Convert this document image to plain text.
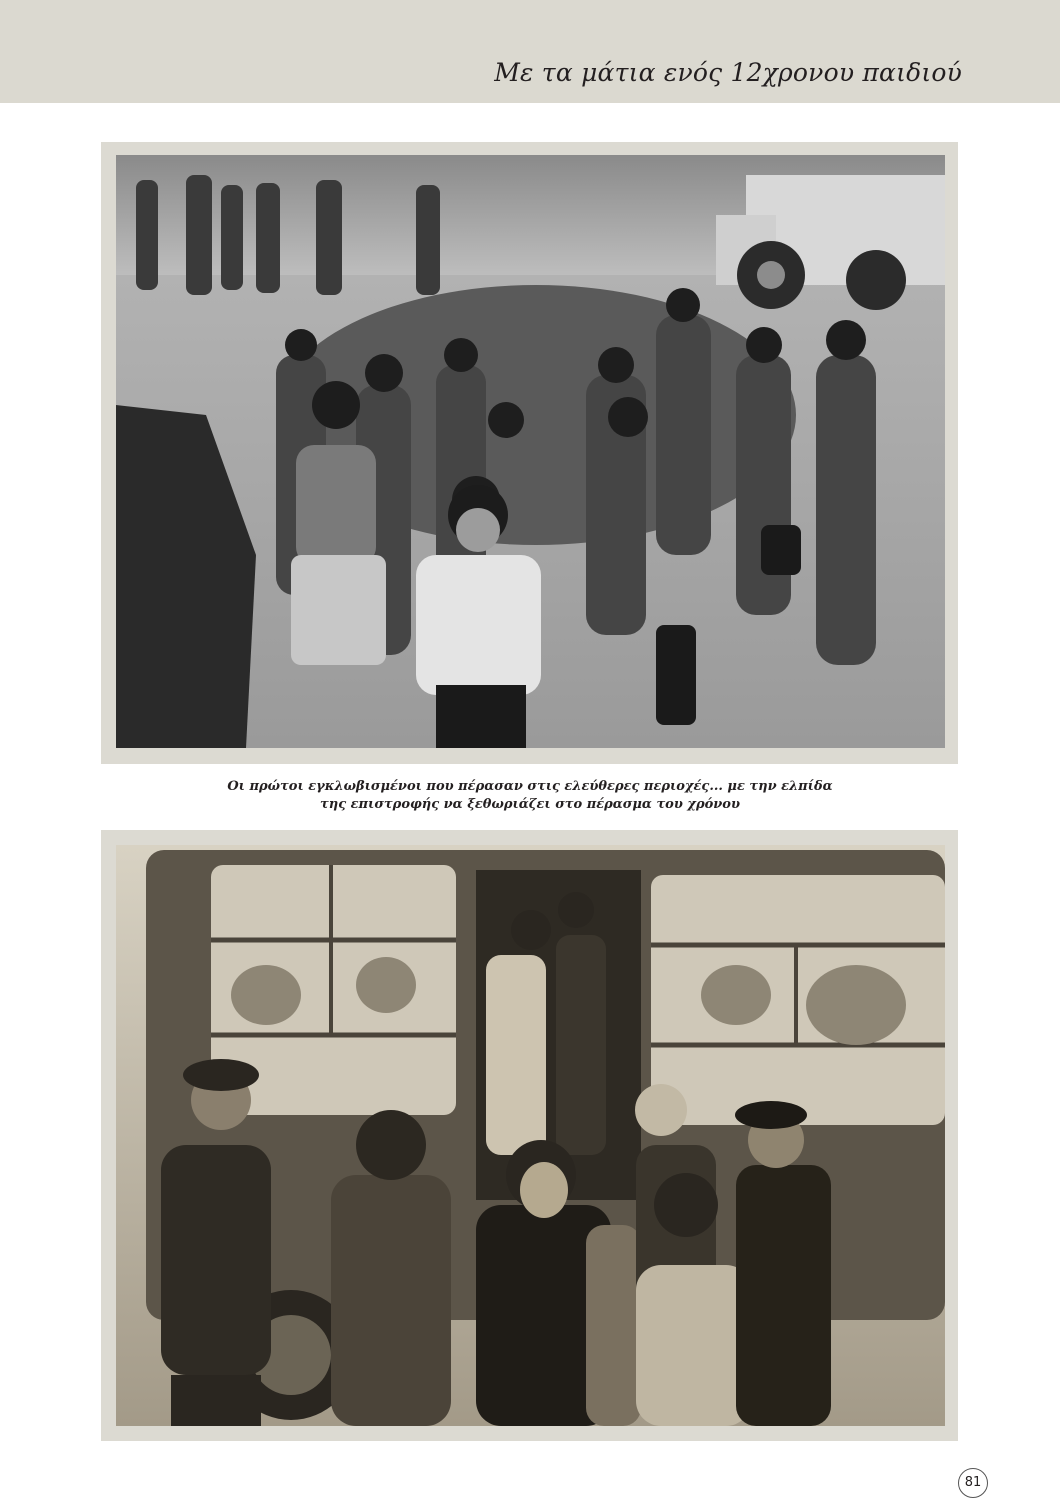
Με τα μάτια ενός 12χρονου παιδιού
Οι πρώτοι εγκλωβισμένοι που πέρασαν στις ελεύθερες περιοχές... με την ελπίδα
της επιστροφής να ξεθωριάζει στο πέρασμα του χρόνου
81
